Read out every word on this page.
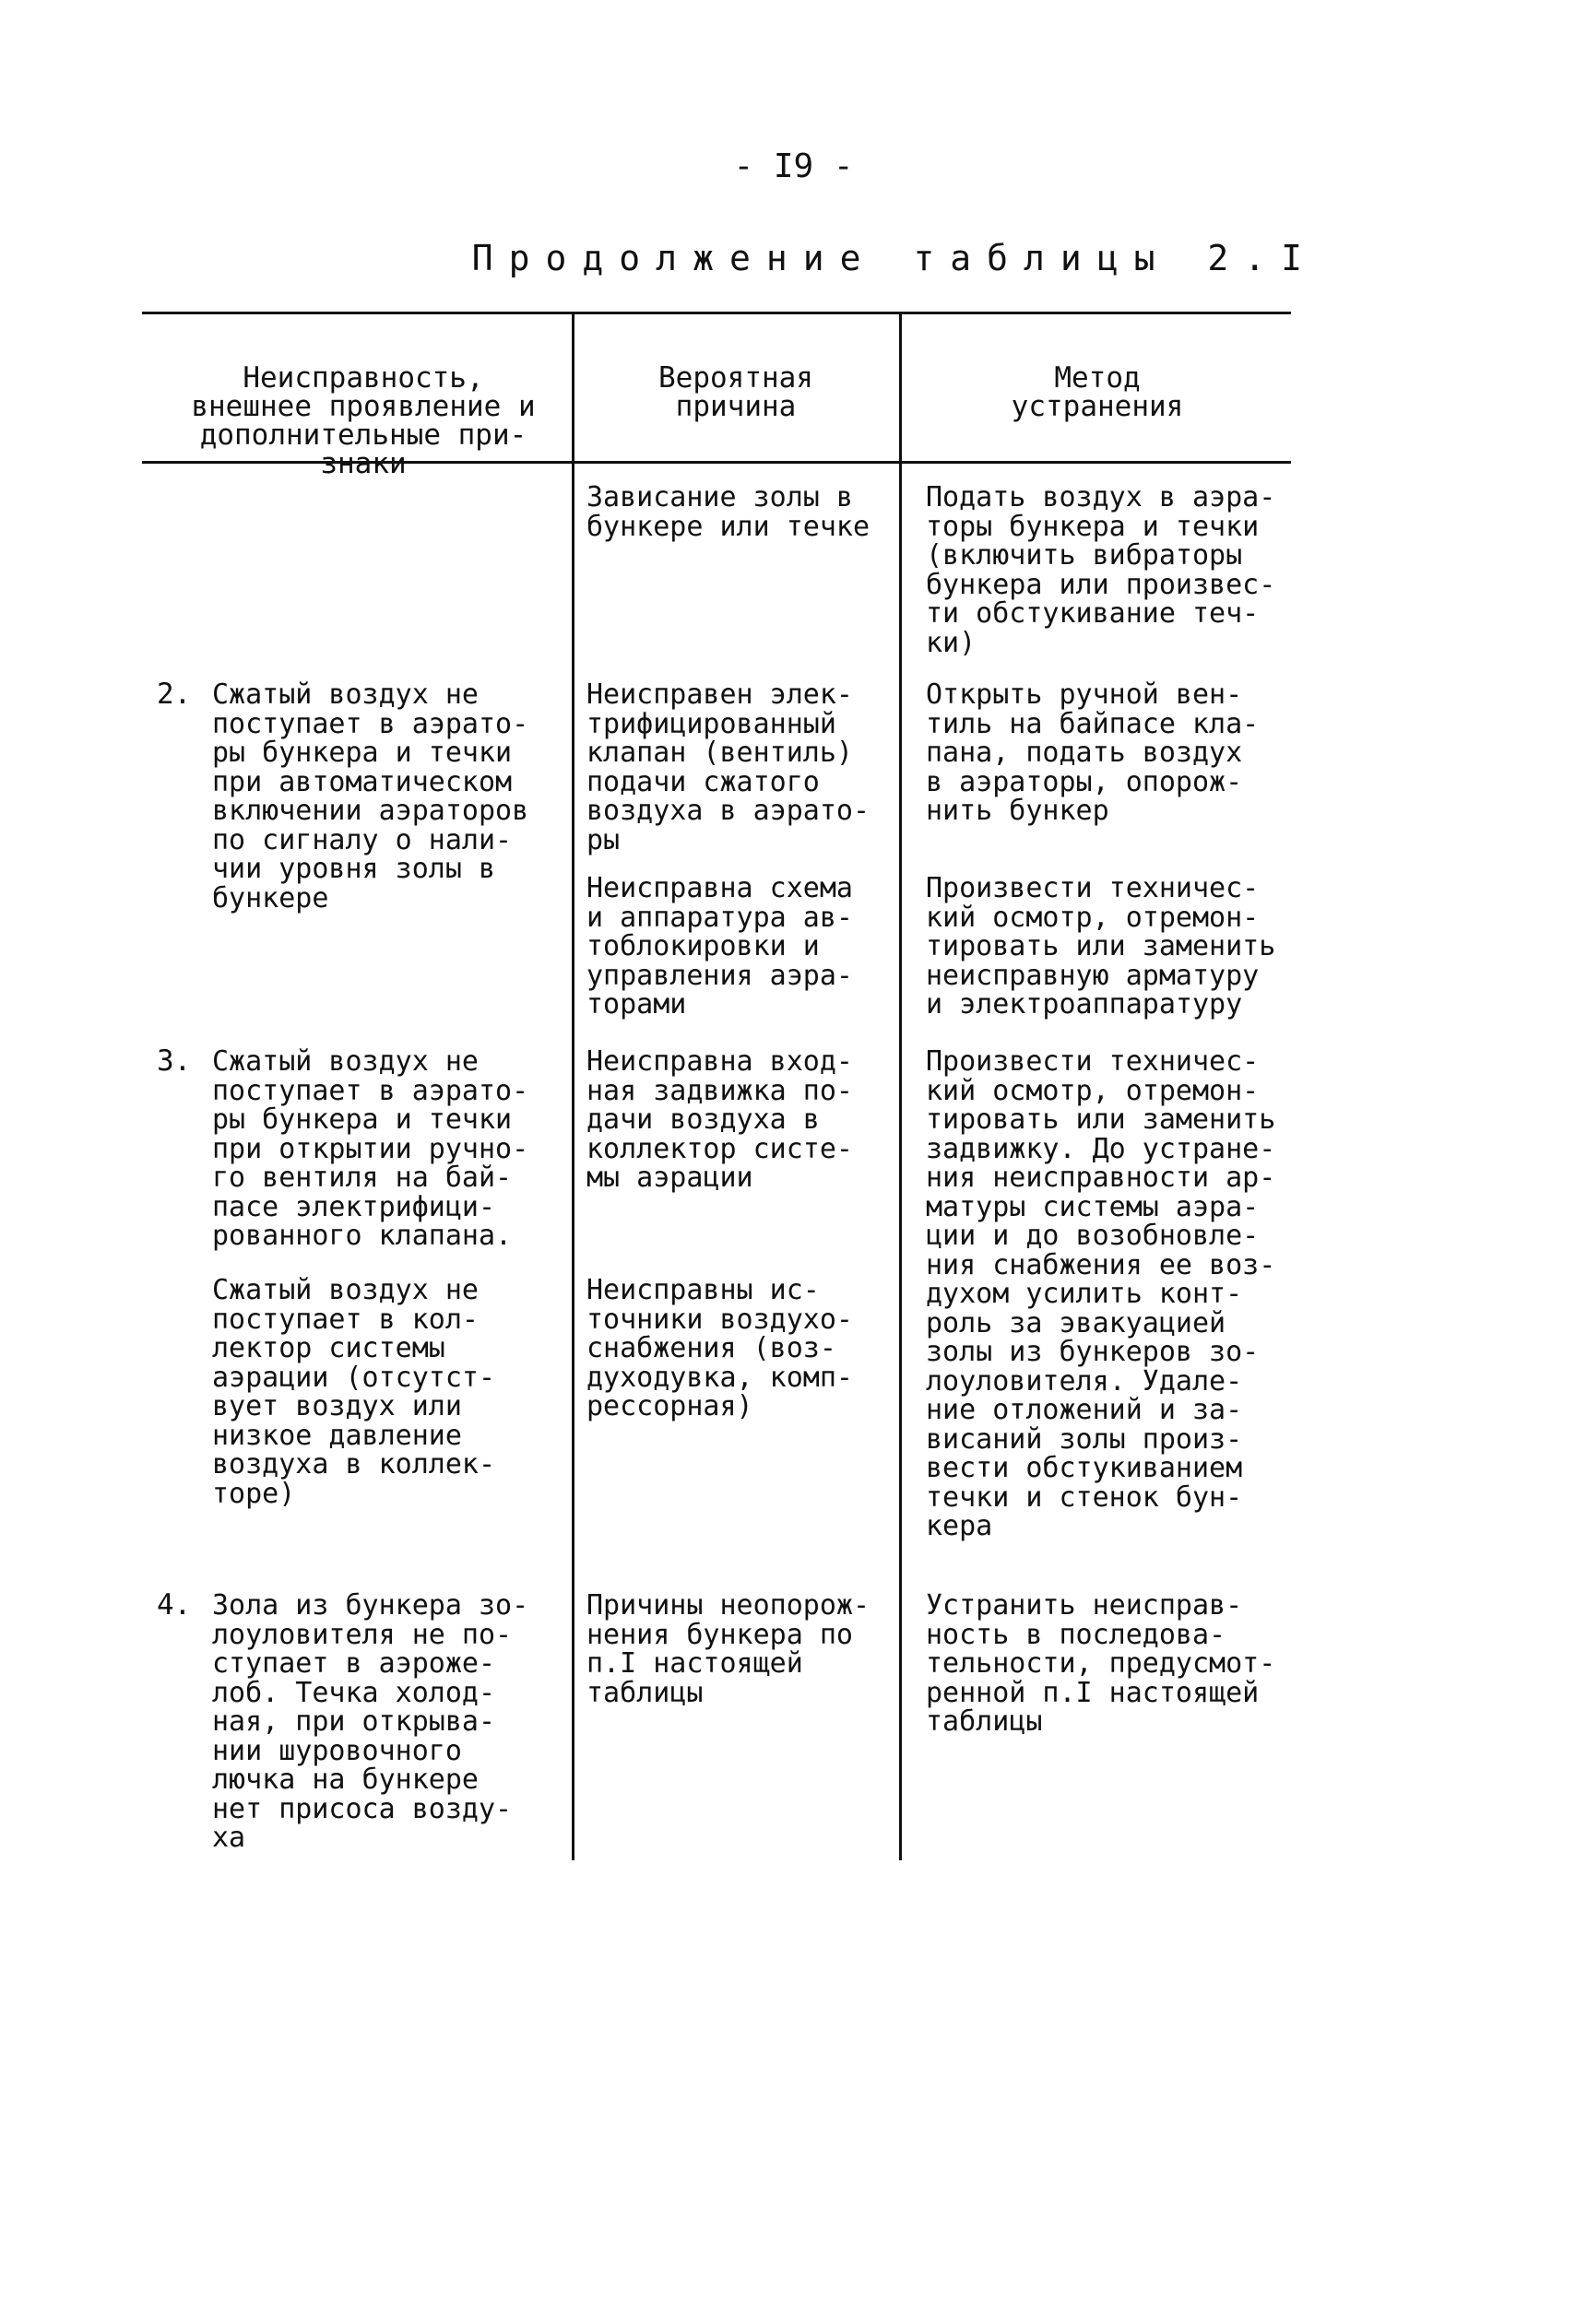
- I9 -
Продолжение таблицы 2.I
Неисправность,
внешнее проявление и
дополнительные при-
знаки
Вероятная
причина
Метод
устранения
Зависание золы в
бункере или течке
Подать воздух в аэра-
торы бункера и течки
(включить вибраторы
бункера или произвес-
ти обстукивание теч-
ки)
2. Сжатый воздух не
поступает в аэрато-
ры бункера и течки
при автоматическом
включении аэраторов
по сигналу о нали-
чии уровня золы в
бункере
Неисправен элек-
трифицированный
клапан (вентиль)
подачи сжатого
воздуха в аэрато-
ры
Открыть ручной вен-
тиль на байпасе кла-
пана, подать воздух
в аэраторы, опорож-
нить бункер
Неисправна схема
и аппаратура ав-
тоблокировки и
управления аэра-
торами
Произвести техничес-
кий осмотр, отремон-
тировать или заменить
неисправную арматуру
и электроаппаратуру
3. Сжатый воздух не
поступает в аэрато-
ры бункера и течки
при открытии ручно-
го вентиля на бай-
пасе электрифици-
рованного клапана.
Неисправна вход-
ная задвижка по-
дачи воздуха в
коллектор систе-
мы аэрации
Произвести техничес-
кий осмотр, отремон-
тировать или заменить
задвижку. До устране-
ния неисправности ар-
матуры системы аэра-
ции и до возобновле-
ния снабжения ее воз-
духом усилить конт-
роль за эвакуацией
золы из бункеров зо-
лоуловителя. Удале-
ние отложений и за-
висаний золы произ-
вести обстукиванием
течки и стенок бун-
кера
Сжатый воздух не
поступает в кол-
лектор системы
аэрации (отсутст-
вует воздух или
низкое давление
воздуха в коллек-
торе)
Неисправны ис-
точники воздухо-
снабжения (воз-
духодувка, комп-
рессорная)
4. Зола из бункера зо-
лоуловителя не по-
ступает в аэроже-
лоб. Течка холод-
ная, при открыва-
нии шуровочного
лючка на бункере
нет присоса возду-
ха
Причины неопорож-
нения бункера по
п.I настоящей
таблицы
Устранить неисправ-
ность в последова-
тельности, предусмот-
ренной п.I настоящей
таблицы
